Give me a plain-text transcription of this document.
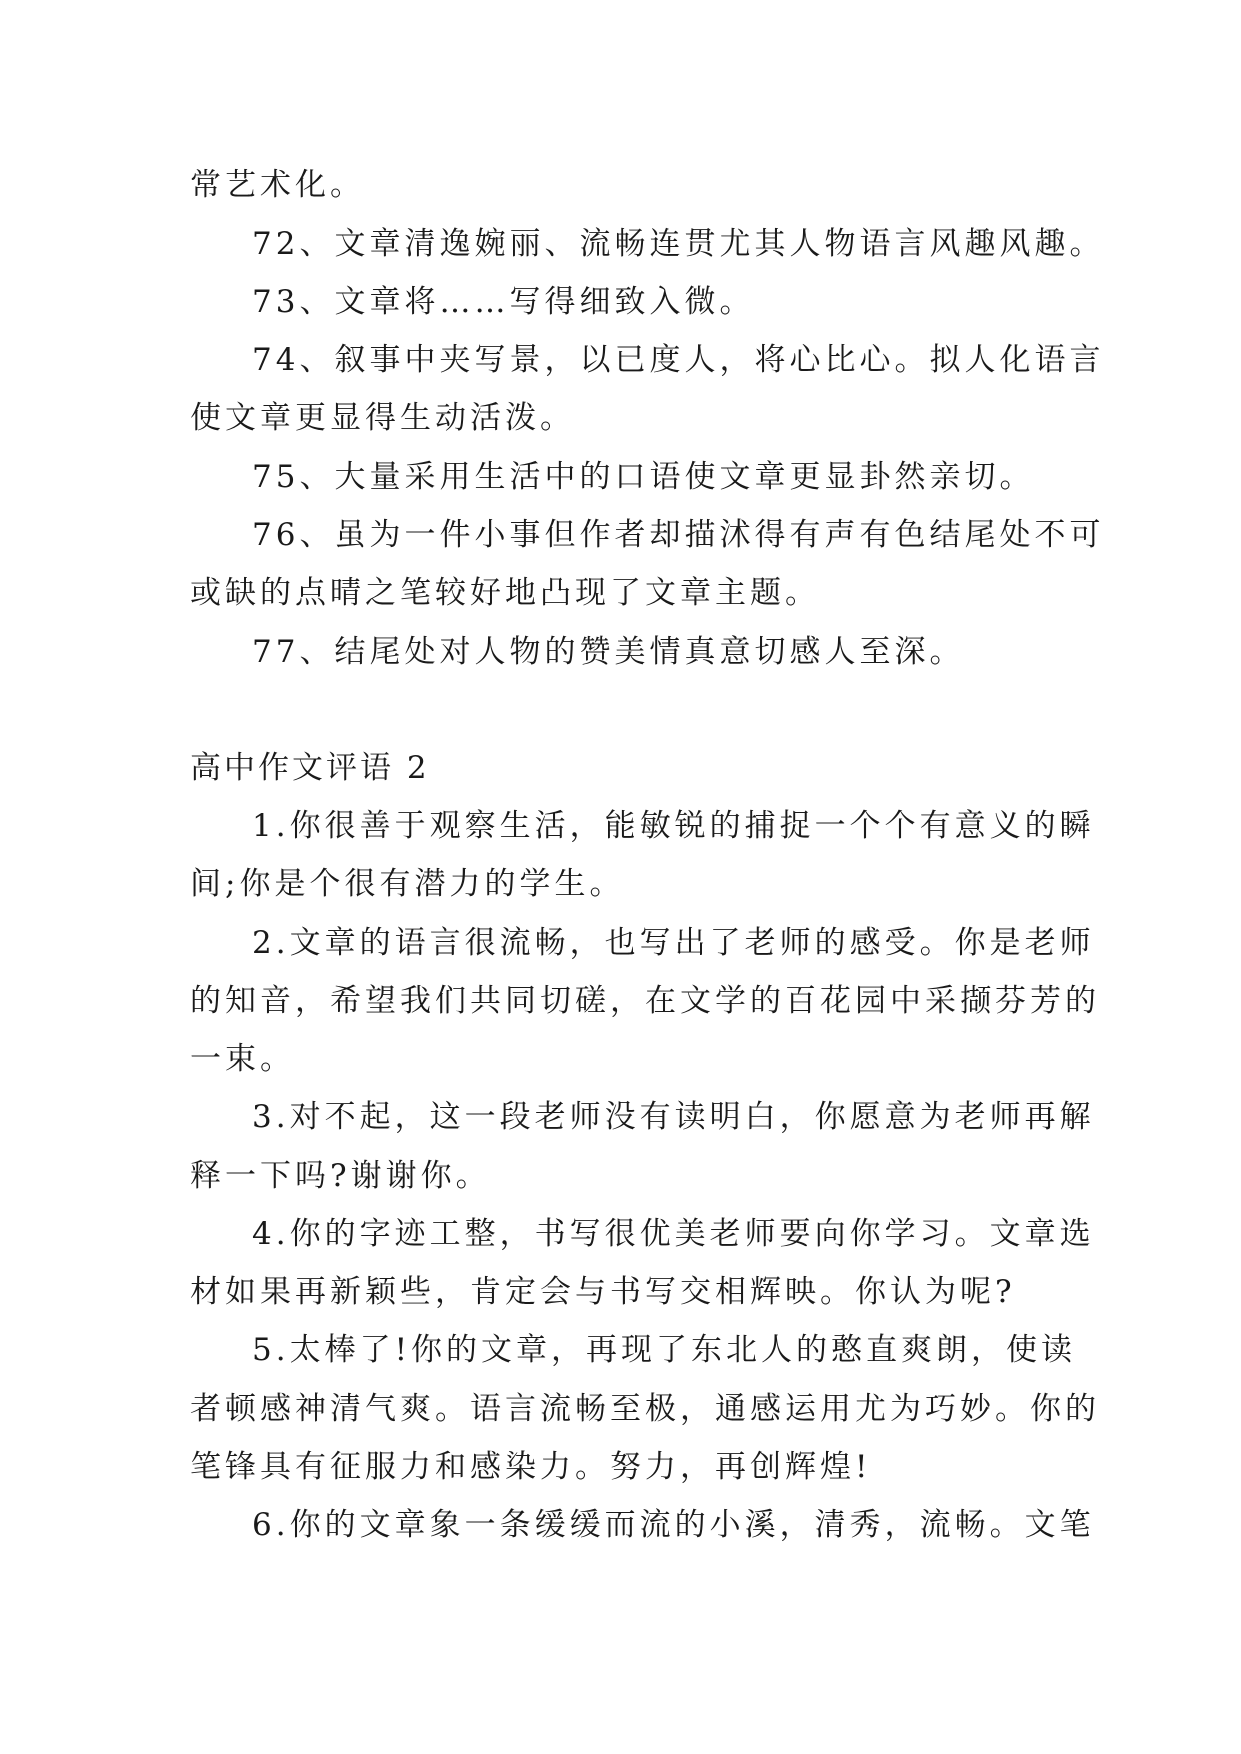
常艺术化。
72、文章清逸婉丽、流畅连贯尤其人物语言风趣风趣。
73、文章将……写得细致入微。
74、叙事中夹写景，以已度人，将心比心。拟人化语言
使文章更显得生动活泼。
75、大量采用生活中的口语使文章更显卦然亲切。
76、虽为一件小事但作者却描沭得有声有色结尾处不可
或缺的点晴之笔较好地凸现了文章主题。
77、结尾处对人物的赞美情真意切感人至深。
高中作文评语 2
1.你很善于观察生活，能敏锐的捕捉一个个有意义的瞬
间;你是个很有潜力的学生。
2.文章的语言很流畅，也写出了老师的感受。你是老师
的知音，希望我们共同切磋，在文学的百花园中采撷芬芳的
一束。
3.对不起，这一段老师没有读明白，你愿意为老师再解
释一下吗?谢谢你。
4.你的字迹工整，书写很优美老师要向你学习。文章选
材如果再新颖些，肯定会与书写交相辉映。你认为呢?
5.太棒了!你的文章，再现了东北人的憨直爽朗，使读
者顿感神清气爽。语言流畅至极，通感运用尤为巧妙。你的
笔锋具有征服力和感染力。努力，再创辉煌!
6.你的文章象一条缓缓而流的小溪，清秀，流畅。文笔
